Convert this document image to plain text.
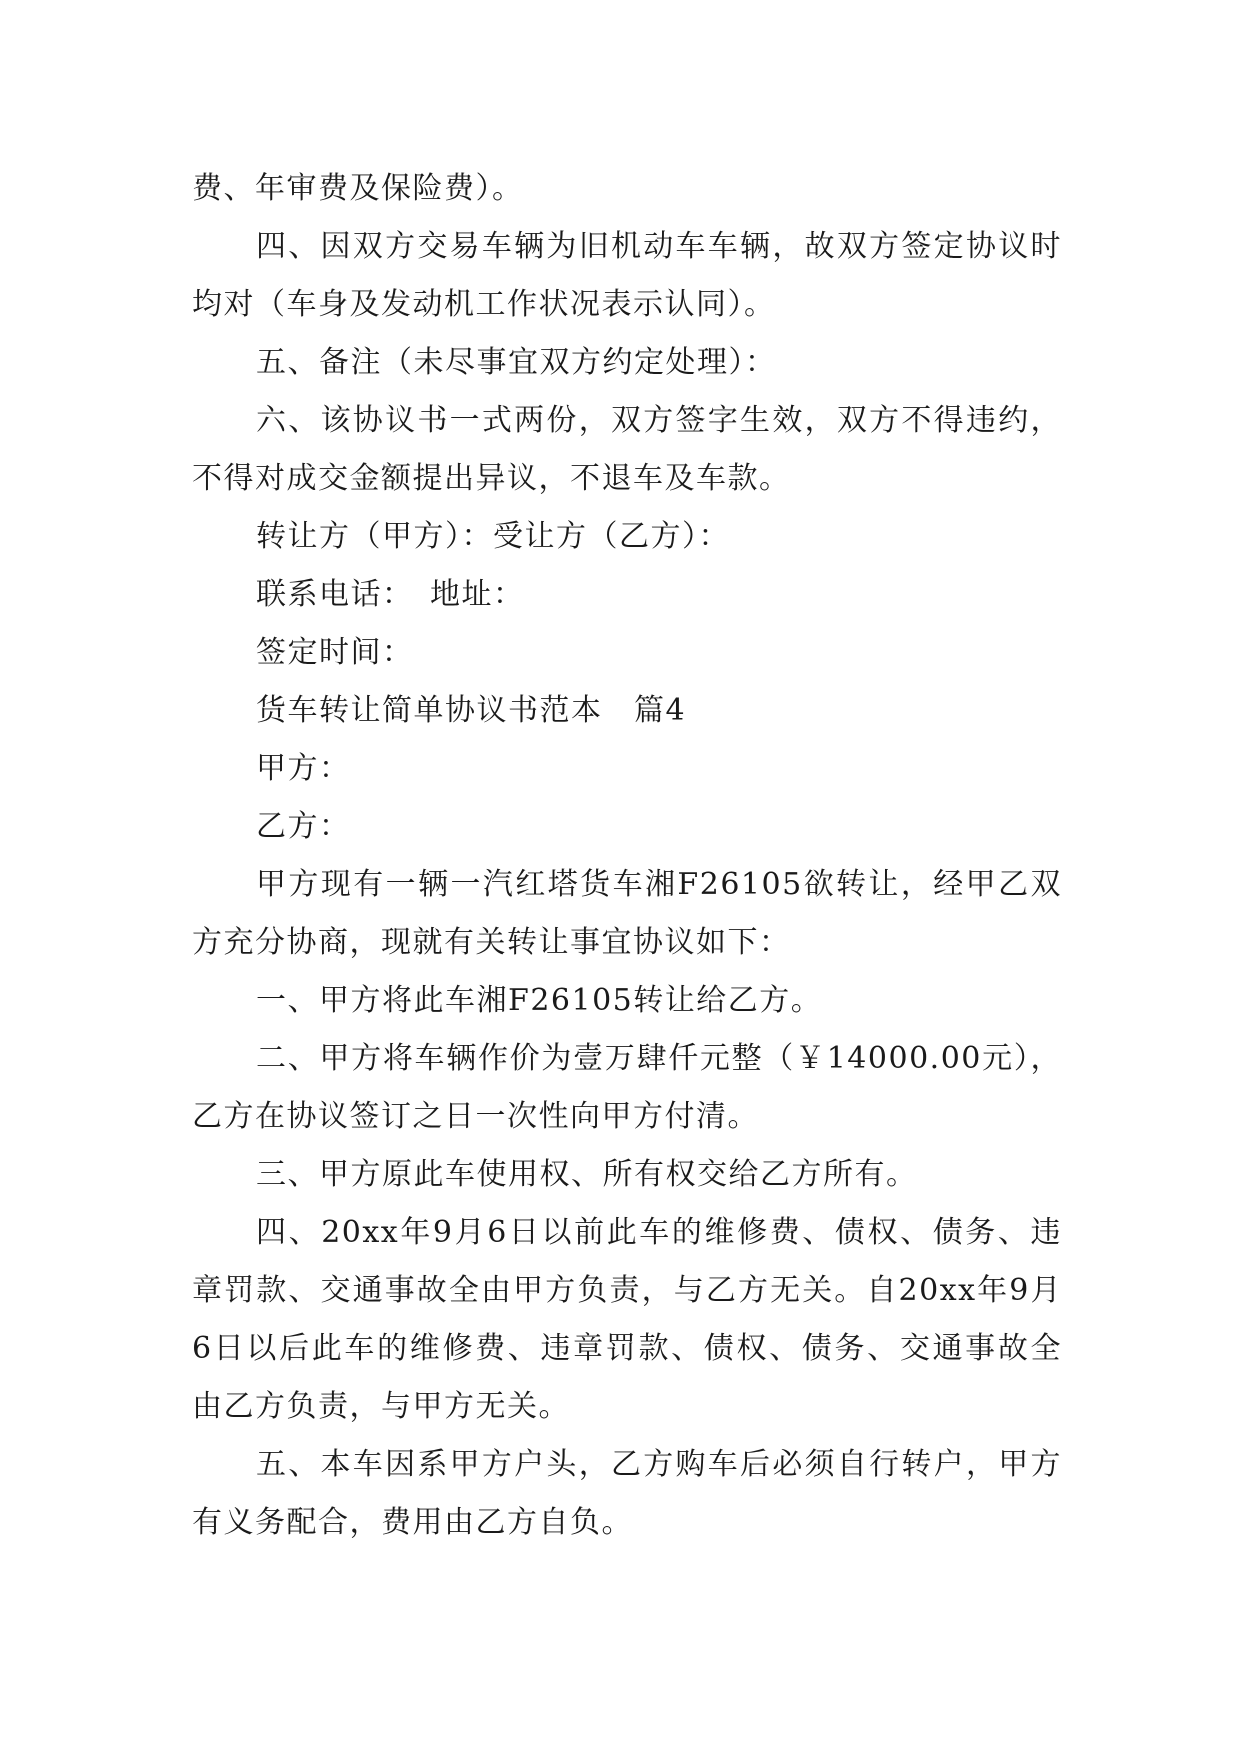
费、年审费及保险费）。

四、因双方交易车辆为旧机动车车辆，故双方签定协议时均对（车身及发动机工作状况表示认同）。

五、备注（未尽事宜双方约定处理）：

六、该协议书一式两份，双方签字生效，双方不得违约，不得对成交金额提出异议，不退车及车款。

转让方（甲方）：受让方（乙方）：

联系电话：　地址：

签定时间：

货车转让简单协议书范本　篇4

甲方：

乙方：

甲方现有一辆一汽红塔货车湘F26105欲转让，经甲乙双方充分协商，现就有关转让事宜协议如下：

一、甲方将此车湘F26105转让给乙方。

二、甲方将车辆作价为壹万肆仟元整（￥14000.00元），乙方在协议签订之日一次性向甲方付清。

三、甲方原此车使用权、所有权交给乙方所有。

四、20xx年9月6日以前此车的维修费、债权、债务、违章罚款、交通事故全由甲方负责，与乙方无关。自20xx年9月6日以后此车的维修费、违章罚款、债权、债务、交通事故全由乙方负责，与甲方无关。

五、本车因系甲方户头，乙方购车后必须自行转户，甲方有义务配合，费用由乙方自负。
